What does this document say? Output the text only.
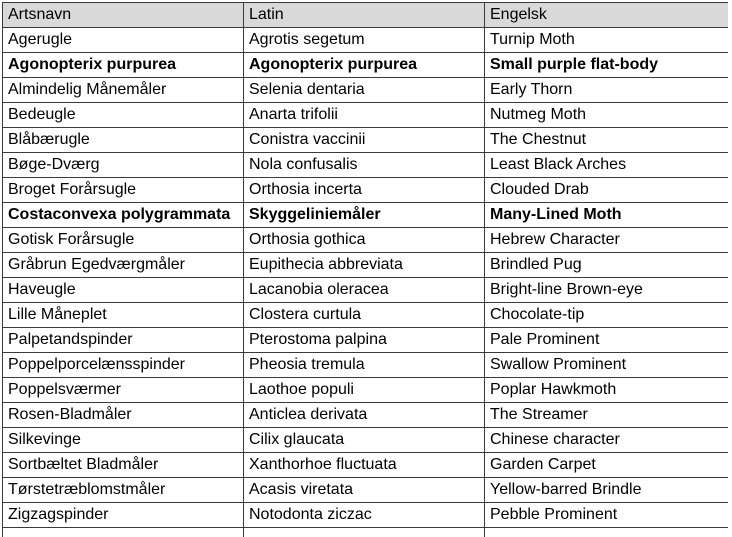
Artsnavn	Latin	Engelsk
Agerugle	Agrotis segetum	Turnip Moth
Agonopterix purpurea	Agonopterix purpurea	Small purple flat-body
Almindelig Månemåler	Selenia dentaria	Early Thorn
Bedeugle	Anarta trifolii	Nutmeg Moth
Blåbærugle	Conistra vaccinii	The Chestnut
Bøge-Dværg	Nola confusalis	Least Black Arches
Broget Forårsugle	Orthosia incerta	Clouded Drab
Costaconvexa polygrammata	Skyggeliniemåler	Many-Lined Moth
Gotisk Forårsugle	Orthosia gothica	Hebrew Character
Gråbrun Egedværgmåler	Eupithecia abbreviata	Brindled Pug
Haveugle	Lacanobia oleracea	Bright-line Brown-eye
Lille Måneplet	Clostera curtula	Chocolate-tip
Palpetandspinder	Pterostoma palpina	Pale Prominent
Poppelporcelænsspinder	Pheosia tremula	Swallow Prominent
Poppelsværmer	Laothoe populi	Poplar Hawkmoth
Rosen-Bladmåler	Anticlea derivata	The Streamer
Silkevinge	Cilix glaucata	Chinese character
Sortbæltet Bladmåler	Xanthorhoe fluctuata	Garden Carpet
Tørstetræblomstmåler	Acasis viretata	Yellow-barred Brindle
Zigzagspinder	Notodonta ziczac	Pebble Prominent
